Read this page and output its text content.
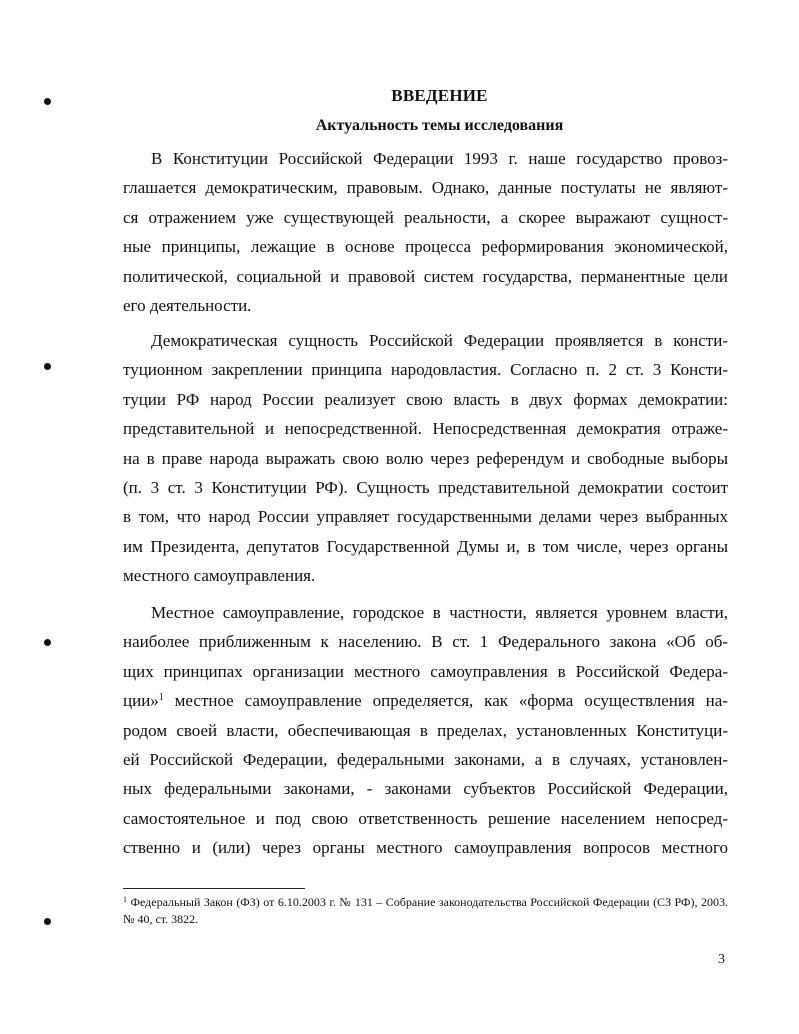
ВВЕДЕНИЕ
Актуальность темы исследования
В Конституции Российской Федерации 1993 г. наше государство провоз-
глашается демократическим, правовым. Однако, данные постулаты не являют-
ся отражением уже существующей реальности, а скорее выражают сущност-
ные принципы, лежащие в основе процесса реформирования экономической,
политической, социальной и правовой систем государства, перманентные цели
его деятельности.
Демократическая сущность Российской Федерации проявляется в консти-
туционном закреплении принципа народовластия. Согласно п. 2 ст. 3 Консти-
туции РФ народ России реализует свою власть в двух формах демократии:
представительной и непосредственной. Непосредственная демократия отраже-
на в праве народа выражать свою волю через референдум и свободные выборы
(п. 3 ст. 3 Конституции РФ). Сущность представительной демократии состоит
в том, что народ России управляет государственными делами через выбранных
им Президента, депутатов Государственной Думы и, в том числе, через органы
местного самоуправления.
Местное самоуправление, городское в частности, является уровнем власти,
наиболее приближенным к населению. В ст. 1 Федерального закона «Об об-
щих принципах организации местного самоуправления в Российской Федера-
ции»$^1$ местное самоуправление определяется, как «форма осуществления на-
родом своей власти, обеспечивающая в пределах, установленных Конституци-
ей Российской Федерации, федеральными законами, а в случаях, установлен-
ных федеральными законами, - законами субъектов Российской Федерации,
самостоятельное и под свою ответственность решение населением непосред-
ственно и (или) через органы местного самоуправления вопросов местного
$^1$ Федеральный Закон (ФЗ) от 6.10.2003 г. № 131 – Собрание законодательства Российской Федерации (СЗ РФ), 2003. № 40, ст. 3822.
3
